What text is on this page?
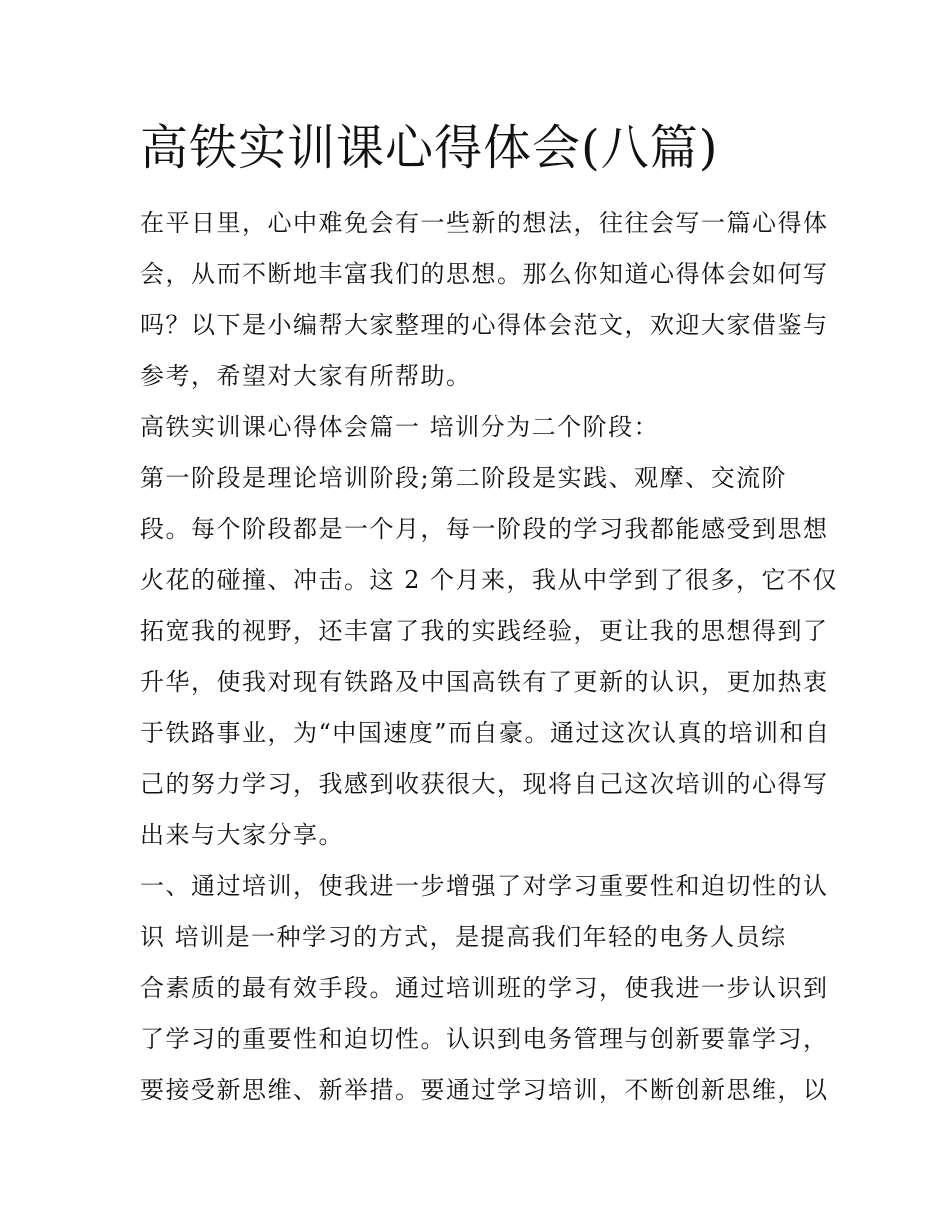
高铁实训课心得体会(八篇)

在平日里，心中难免会有一些新的想法，往往会写一篇心得体

会，从而不断地丰富我们的思想。那么你知道心得体会如何写

吗？以下是小编帮大家整理的心得体会范文，欢迎大家借鉴与

参考，希望对大家有所帮助。

高铁实训课心得体会篇一 培训分为二个阶段：

第一阶段是理论培训阶段;第二阶段是实践、观摩、交流阶

段。每个阶段都是一个月，每一阶段的学习我都能感受到思想

火花的碰撞、冲击。这 2 个月来，我从中学到了很多，它不仅

拓宽我的视野，还丰富了我的实践经验，更让我的思想得到了

升华，使我对现有铁路及中国高铁有了更新的认识，更加热衷

于铁路事业，为“中国速度”而自豪。通过这次认真的培训和自

己的努力学习，我感到收获很大，现将自己这次培训的心得写

出来与大家分享。

一、通过培训，使我进一步增强了对学习重要性和迫切性的认

识 培训是一种学习的方式，是提高我们年轻的电务人员综

合素质的最有效手段。通过培训班的学习，使我进一步认识到

了学习的重要性和迫切性。认识到电务管理与创新要靠学习，

要接受新思维、新举措。要通过学习培训，不断创新思维，以
